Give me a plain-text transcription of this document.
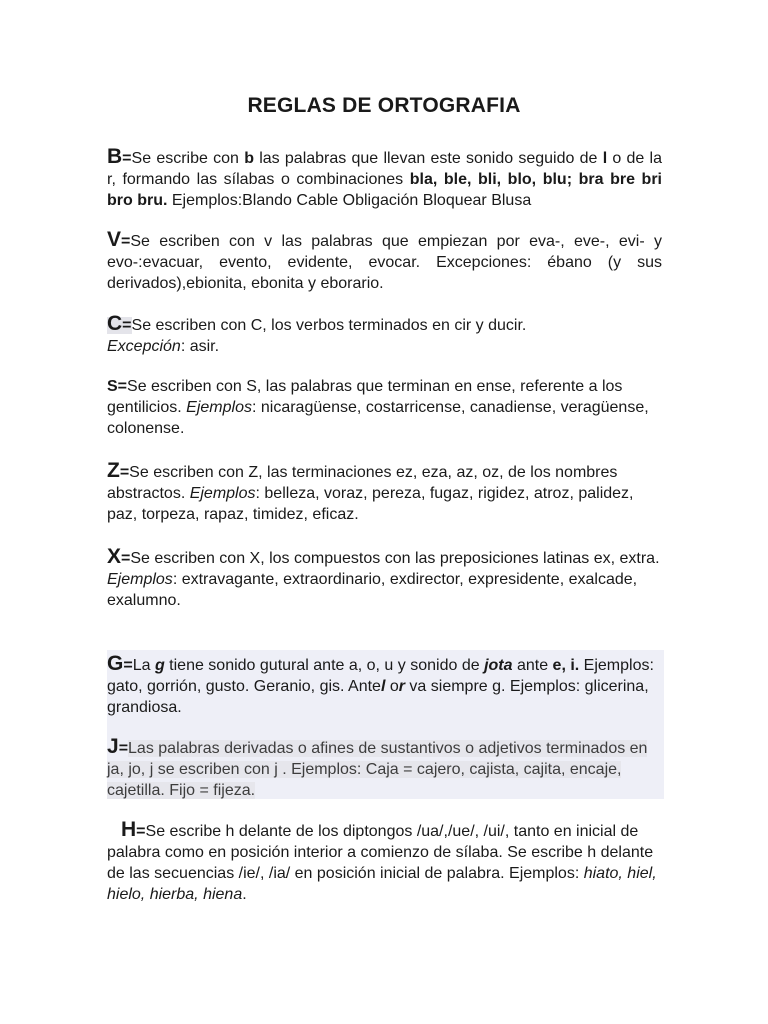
REGLAS DE ORTOGRAFIA

B=Se escribe con b las palabras que llevan este sonido seguido de l o de la r, formando las sílabas o combinaciones bla, ble, bli, blo, blu; bra bre bri bro bru. Ejemplos:Blando Cable Obligación Bloquear Blusa

V=Se escriben con v las palabras que empiezan por eva-, eve-, evi- y evo-:evacuar, evento, evidente, evocar. Excepciones: ébano (y sus derivados),ebionita, ebonita y eborario.

C=Se escriben con C, los verbos terminados en cir y ducir.
Excepción: asir.

S=Se escriben con S, las palabras que terminan en ense, referente a los gentilicios. Ejemplos: nicaragüense, costarricense, canadiense, veragüense, colonense.

Z=Se escriben con Z, las terminaciones ez, eza, az, oz, de los nombres abstractos. Ejemplos: belleza, voraz, pereza, fugaz, rigidez, atroz, palidez, paz, torpeza, rapaz, timidez, eficaz.

X=Se escriben con X, los compuestos con las preposiciones latinas ex, extra. Ejemplos: extravagante, extraordinario, exdirector, expresidente, exalcade, exalumno.

G=La g tiene sonido gutural ante a, o, u y sonido de jota ante e, i. Ejemplos: gato, gorrión, gusto. Geranio, gis. Antel or va siempre g. Ejemplos: glicerina, grandiosa.

J=Las palabras derivadas o afines de sustantivos o adjetivos terminados en ja, jo, j se escriben con j . Ejemplos: Caja = cajero, cajista, cajita, encaje, cajetilla. Fijo = fijeza.

H=Se escribe h delante de los diptongos /ua/,/ue/, /ui/, tanto en inicial de palabra como en posición interior a comienzo de sílaba. Se escribe h delante de las secuencias /ie/, /ia/ en posición inicial de palabra. Ejemplos: hiato, hiel, hielo, hierba, hiena.
